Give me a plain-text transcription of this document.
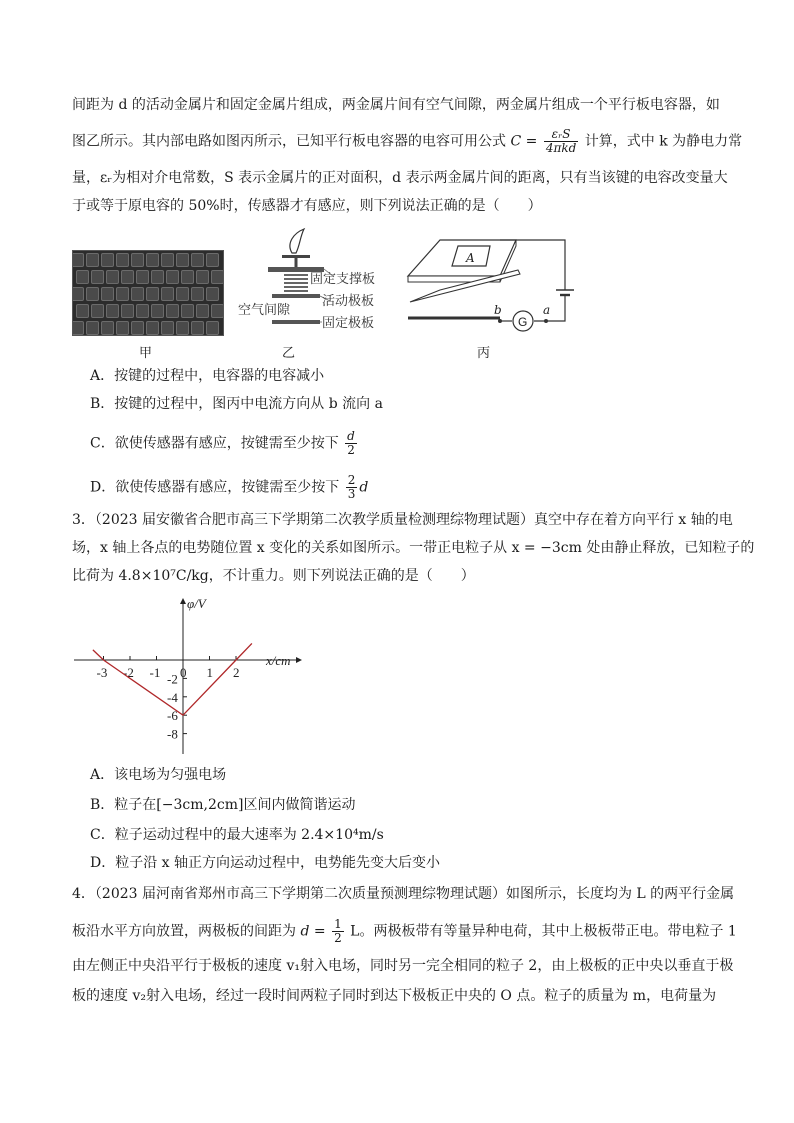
间距为 d 的活动金属片和固定金属片组成，两金属片间有空气间隙，两金属片组成一个平行板电容器，如
图乙所示。其内部电路如图丙所示，已知平行板电容器的电容可用公式 $C = \frac{\text{εᵣS}}{\text{4πkd}}$ 计算，式中 k 为静电力常
量，εᵣ为相对介电常数，S 表示金属片的正对面积，d 表示两金属片间的距离，只有当该键的电容改变量大
于或等于原电容的 50%时，传感器才有感应，则下列说法正确的是（　　）
甲
固定支撑板
空气间隙
活动极板
固定极板
乙
A
G
b	a
丙
A．按键的过程中，电容器的电容减小
B．按键的过程中，图丙中电流方向从 b 流向 a
C．欲使传感器有感应，按键需至少按下 $\frac{d}{2}$
D．欲使传感器有感应，按键需至少按下 $\frac{2}{3}$ d
3．（2023 届安徽省合肥市高三下学期第二次教学质量检测理综物理试题）真空中存在着方向平行 x 轴的电
场，x 轴上各点的电势随位置 x 变化的关系如图所示。一带正电粒子从 x = −3cm 处由静止释放，已知粒子的
比荷为 4.8×10⁷C/kg，不计重力。则下列说法正确的是（　　）
-3 -2 -1 0 1 2
-2
-4
-6
-8
φ/V
x/cm
A．该电场为匀强电场
B．粒子在[−3cm,2cm]区间内做简谐运动
C．粒子运动过程中的最大速率为 2.4×10⁴m/s
D．粒子沿 x 轴正方向运动过程中，电势能先变大后变小
4．（2023 届河南省郑州市高三下学期第二次质量预测理综物理试题）如图所示，长度均为 L 的两平行金属
板沿水平方向放置，两极板的间距为 $d = \frac{1}{2}$ L。两极板带有等量异种电荷，其中上极板带正电。带电粒子 1
由左侧正中央沿平行于极板的速度 v₁射入电场，同时另一完全相同的粒子 2，由上极板的正中央以垂直于极
板的速度 v₂射入电场，经过一段时间两粒子同时到达下极板正中央的 O 点。粒子的质量为 m，电荷量为
